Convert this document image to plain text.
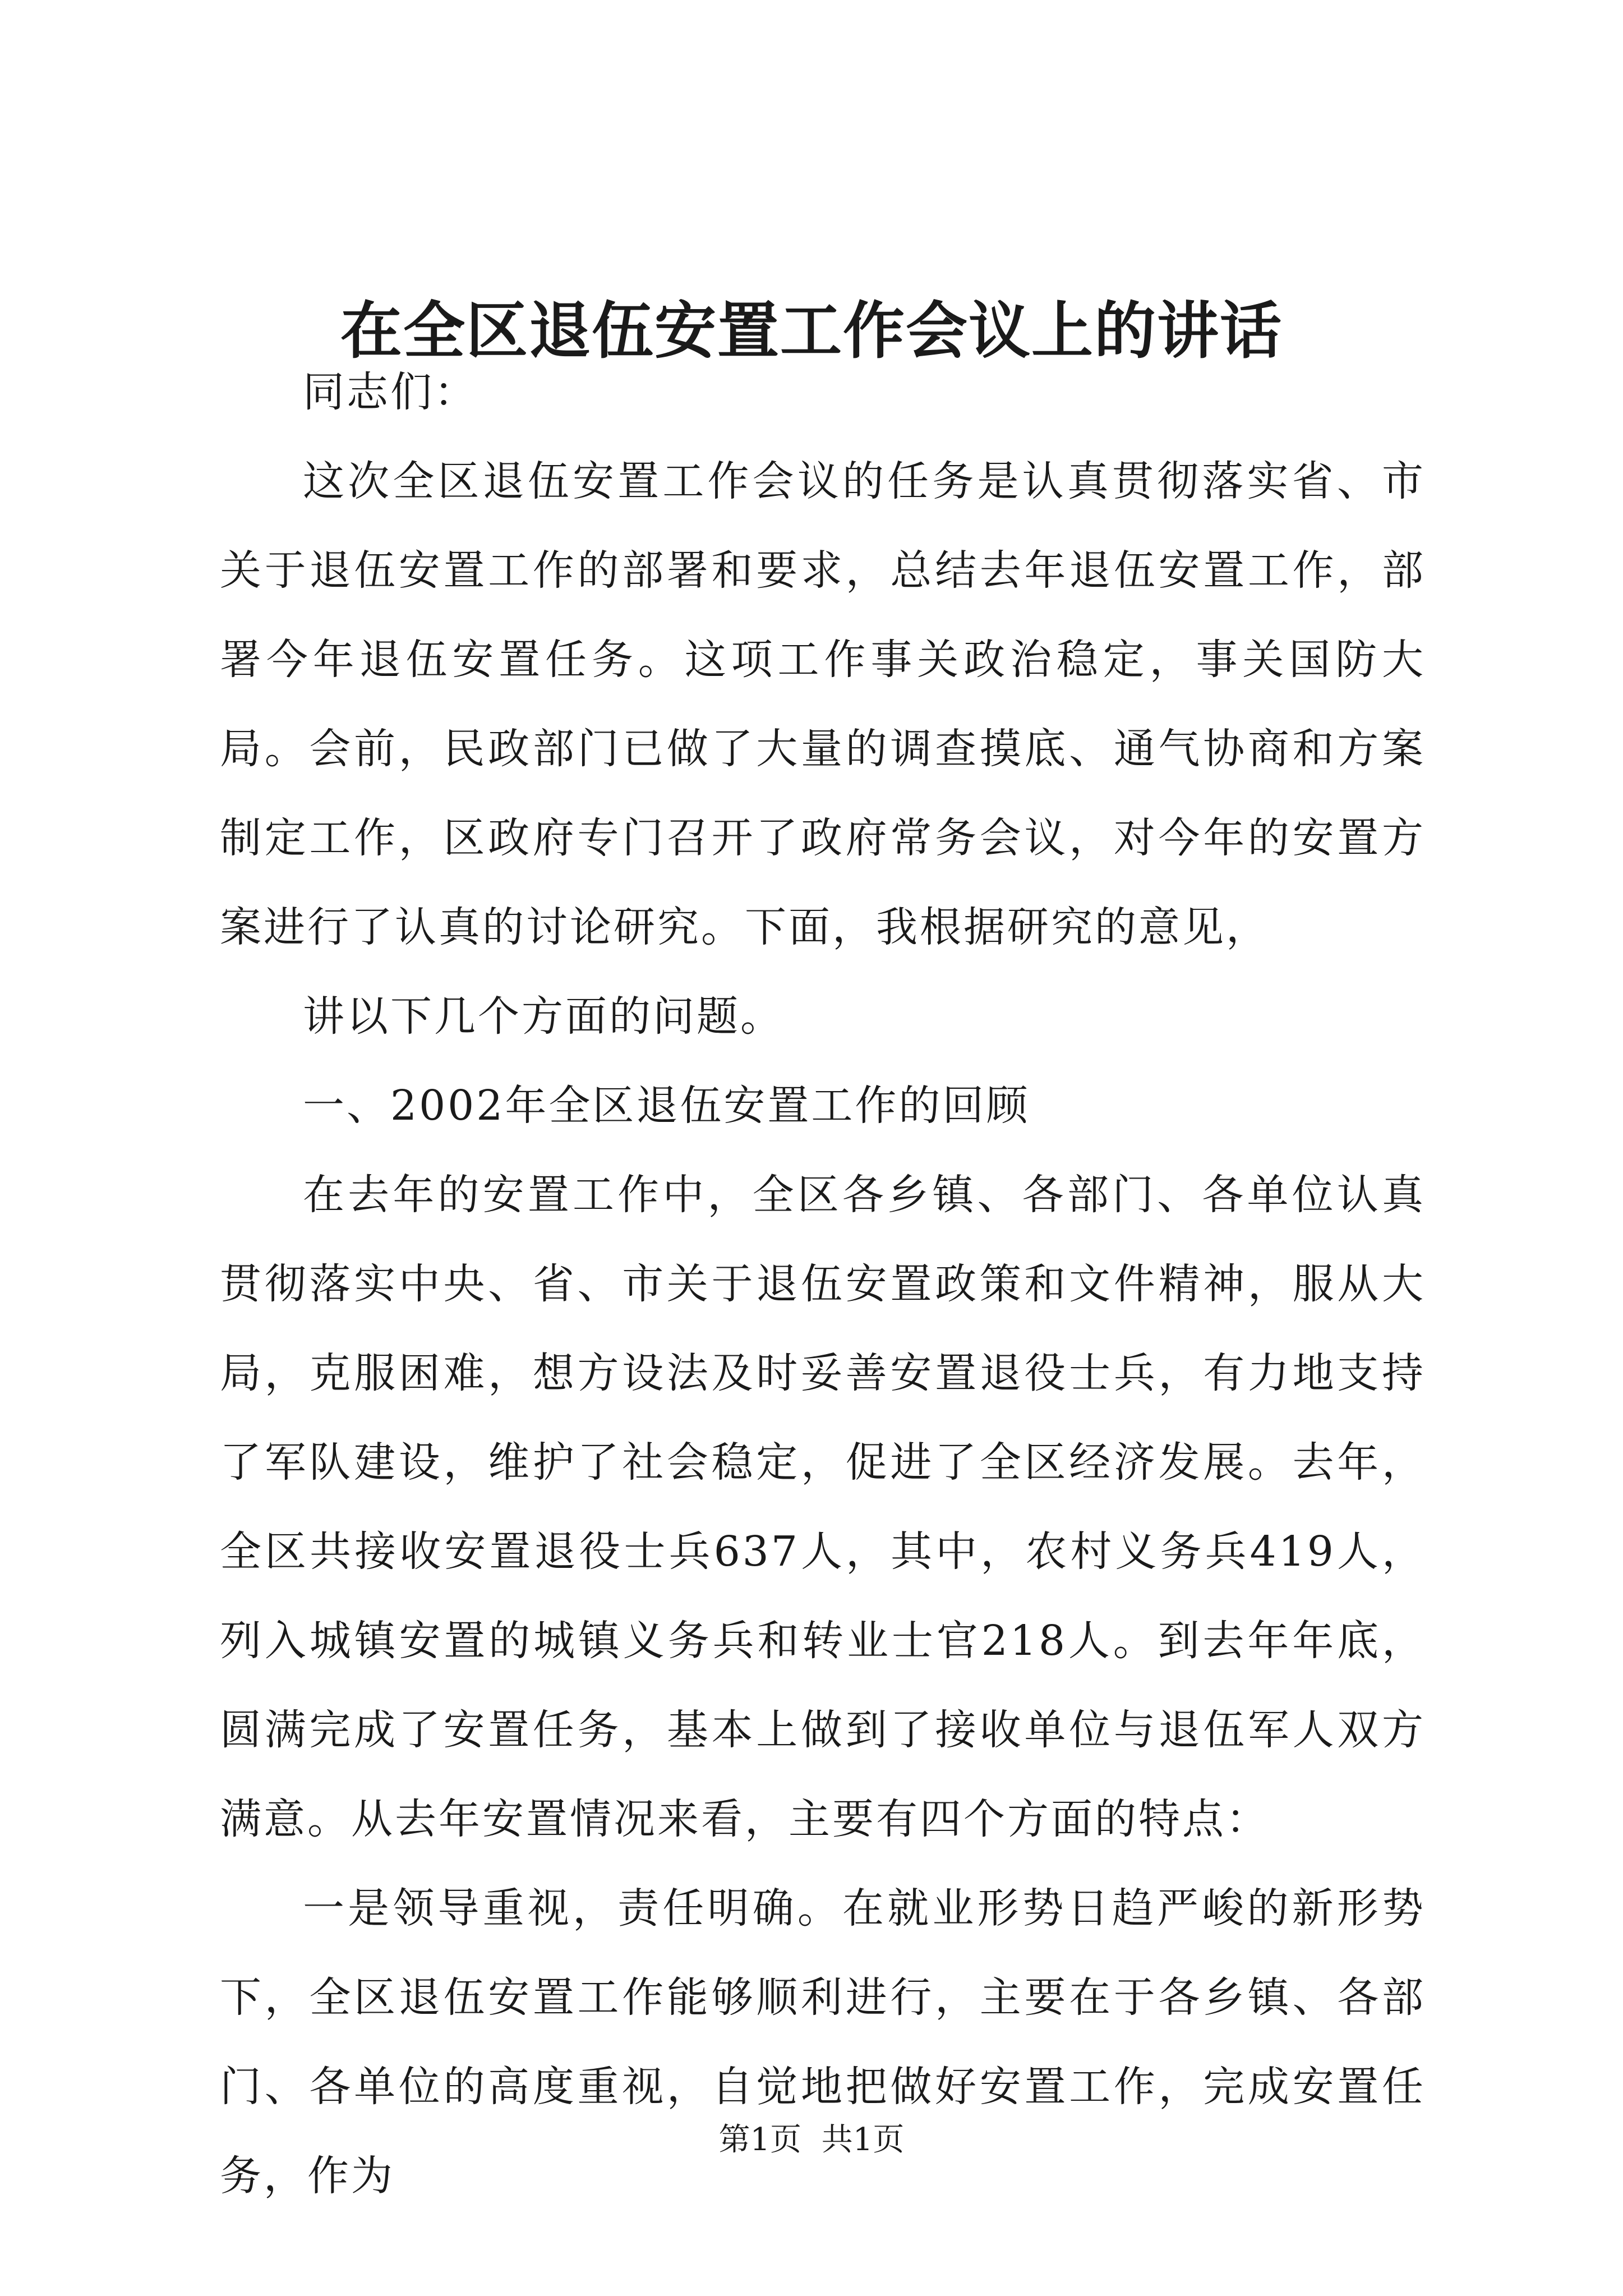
在全区退伍安置工作会议上的讲话

同志们：

这次全区退伍安置工作会议的任务是认真贯彻落实省、市关于退伍安置工作的部署和要求，总结去年退伍安置工作，部署今年退伍安置任务。这项工作事关政治稳定，事关国防大局。会前，民政部门已做了大量的调查摸底、通气协商和方案制定工作，区政府专门召开了政府常务会议，对今年的安置方案进行了认真的讨论研究。下面，我根据研究的意见，

讲以下几个方面的问题。

一、2002年全区退伍安置工作的回顾

在去年的安置工作中，全区各乡镇、各部门、各单位认真贯彻落实中央、省、市关于退伍安置政策和文件精神，服从大局，克服困难，想方设法及时妥善安置退役士兵，有力地支持了军队建设，维护了社会稳定，促进了全区经济发展。去年，全区共接收安置退役士兵637人，其中，农村义务兵419人，列入城镇安置的城镇义务兵和转业士官218人。到去年年底，圆满完成了安置任务，基本上做到了接收单位与退伍军人双方满意。从去年安置情况来看，主要有四个方面的特点：

一是领导重视，责任明确。在就业形势日趋严峻的新形势下，全区退伍安置工作能够顺利进行，主要在于各乡镇、各部门、各单位的高度重视，自觉地把做好安置工作，完成安置任务，作为

第1页 共1页
